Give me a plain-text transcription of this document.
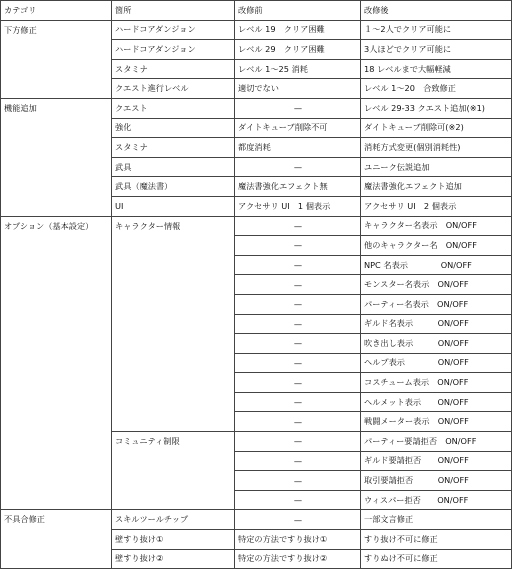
カテゴリ	箇所	改修前	改修後
下方修正	ハードコアダンジョン	レベル 19　クリア困難	１～2人でクリア可能に
	ハードコアダンジョン	レベル 29　クリア困難	3人ほどでクリア可能に
	スタミナ	レベル 1～25 消耗	18 レベルまで大幅軽減
	クエスト進行レベル	適切でない	レベル 1～20　合致修正
機能追加	クエスト	—	レベル 29-33 クエスト追加(※1)
	強化	ダイトキューブ削除不可	ダイトキューブ削除可(※2)
	スタミナ	都度消耗	消耗方式変更(個別消耗性)
	武具	—	ユニーク伝説追加
	武具（魔法書）	魔法書強化エフェクト無	魔法書強化エフェクト追加
	UI	アクセサリ UI　1 個表示	アクセサリ UI　2 個表示
オプション（基本設定）	キャラクター情報	—	キャラクター名表示　ON/OFF
		—	他のキャラクター名　ON/OFF
		—	NPC 名表示　　　　ON/OFF
		—	モンスター名表示　ON/OFF
		—	パーティー名表示　ON/OFF
		—	ギルド名表示　　　ON/OFF
		—	吹き出し表示　　　ON/OFF
		—	ヘルプ表示　　　　ON/OFF
		—	コスチューム表示　ON/OFF
		—	ヘルメット表示　　ON/OFF
		—	戦闘メーター表示　ON/OFF
	コミュニティ制限	—	パーティー要請拒否　ON/OFF
		—	ギルド要請拒否　　ON/OFF
		—	取引要請拒否　　　ON/OFF
		—	ウィスパー拒否　　ON/OFF
不具合修正	スキルツールチップ	—	一部文言修正
	壁すり抜け①	特定の方法ですり抜け①	すり抜け不可に修正
	壁すり抜け②	特定の方法ですり抜け②	すりぬけ不可に修正
